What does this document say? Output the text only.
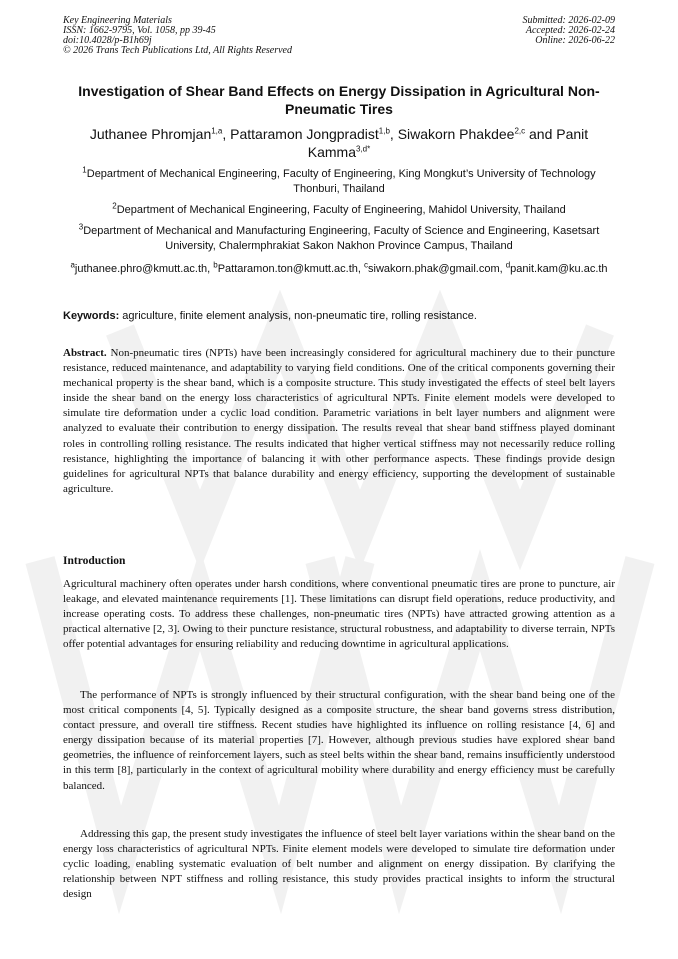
Key Engineering Materials
ISSN: 1662-9795, Vol. 1058, pp 39-45
doi:10.4028/p-B1h69j
© 2026 Trans Tech Publications Ltd, All Rights Reserved
Submitted: 2026-02-09
Accepted: 2026-02-24
Online: 2026-06-22
Investigation of Shear Band Effects on Energy Dissipation in Agricultural Non-Pneumatic Tires
Juthanee Phromjan$^{1,a}$, Pattaramon Jongpradist$^{1,b}$, Siwakorn Phakdee$^{2,c}$ and Panit Kamma$^{3,d*}$
$^1$Department of Mechanical Engineering, Faculty of Engineering, King Mongkut’s University of Technology Thonburi, Thailand
$^2$Department of Mechanical Engineering, Faculty of Engineering, Mahidol University, Thailand
$^3$Department of Mechanical and Manufacturing Engineering, Faculty of Science and Engineering, Kasetsart University, Chalermphrakiat Sakon Nakhon Province Campus, Thailand
$^a$juthanee.phro@kmutt.ac.th, $^b$Pattaramon.ton@kmutt.ac.th, $^c$siwakorn.phak@gmail.com, $^d$panit.kam@ku.ac.th
Keywords: agriculture, finite element analysis, non-pneumatic tire, rolling resistance.
Abstract. Non-pneumatic tires (NPTs) have been increasingly considered for agricultural machinery due to their puncture resistance, reduced maintenance, and adaptability to varying field conditions. One of the critical components governing their mechanical property is the shear band, which is a composite structure. This study investigated the effects of steel belt layers inside the shear band on the energy loss characteristics of agricultural NPTs. Finite element models were developed to simulate tire deformation under a cyclic load condition. Parametric variations in belt layer numbers and alignment were analyzed to evaluate their contribution to energy dissipation. The results reveal that shear band stiffness played dominant roles in controlling rolling resistance. The results indicated that higher vertical stiffness may not necessarily reduce rolling resistance, highlighting the importance of balancing it with other performance aspects. These findings provide design guidelines for agricultural NPTs that balance durability and energy efficiency, supporting the development of sustainable agriculture.
Introduction
Agricultural machinery often operates under harsh conditions, where conventional pneumatic tires are prone to puncture, air leakage, and elevated maintenance requirements [1]. These limitations can disrupt field operations, reduce productivity, and increase operating costs. To address these challenges, non-pneumatic tires (NPTs) have attracted growing attention as a practical alternative [2, 3]. Owing to their puncture resistance, structural robustness, and adaptability to diverse terrain, NPTs offer potential advantages for ensuring reliability and reducing downtime in agricultural applications.
The performance of NPTs is strongly influenced by their structural configuration, with the shear band being one of the most critical components [4, 5]. Typically designed as a composite structure, the shear band governs stress distribution, contact pressure, and overall tire stiffness. Recent studies have highlighted its influence on rolling resistance [4, 6] and energy dissipation because of its material properties [7]. However, although previous studies have explored shear band geometries, the influence of reinforcement layers, such as steel belts within the shear band, remains insufficiently understood in this term [8], particularly in the context of agricultural mobility where durability and energy efficiency must be carefully balanced.
Addressing this gap, the present study investigates the influence of steel belt layer variations within the shear band on the energy loss characteristics of agricultural NPTs. Finite element models were developed to simulate tire deformation under cyclic loading, enabling systematic evaluation of belt number and alignment on energy dissipation. By clarifying the relationship between NPT stiffness and rolling resistance, this study provides practical insights to inform the structural design
